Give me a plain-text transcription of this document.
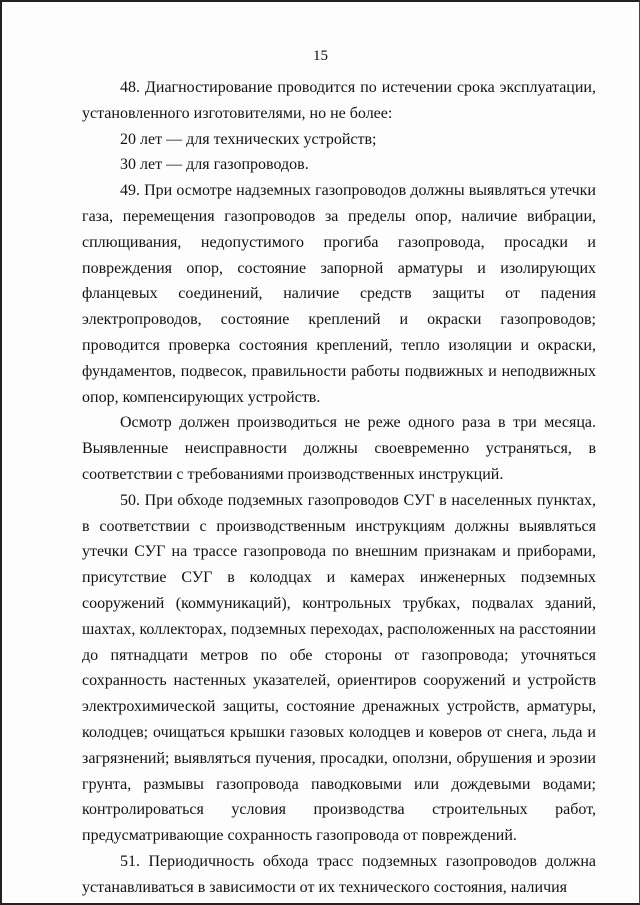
15

48. Диагностирование проводится по истечении срока эксплуатации, установленного изготовителями, но не более:

20 лет — для технических устройств;

30 лет — для газопроводов.

49. При осмотре надземных газопроводов должны выявляться утечки газа, перемещения газопроводов за пределы опор, наличие вибрации, сплющивания, недопустимого прогиба газопровода, просадки и повреждения опор, состояние запорной арматуры и изолирующих фланцевых соединений, наличие средств защиты от падения электропроводов, состояние креплений и окраски газопроводов; проводится проверка состояния креплений, тепло изоляции и окраски, фундаментов, подвесок, правильности работы подвижных и неподвижных опор, компенсирующих устройств.

Осмотр должен производиться не реже одного раза в три месяца. Выявленные неисправности должны своевременно устраняться, в соответствии с требованиями производственных инструкций.

50. При обходе подземных газопроводов СУГ в населенных пунктах, в соответствии с производственным инструкциям должны выявляться утечки СУГ на трассе газопровода по внешним признакам и приборами, присутствие СУГ в колодцах и камерах инженерных подземных сооружений (коммуникаций), контрольных трубках, подвалах зданий, шахтах, коллекторах, подземных переходах, расположенных на расстоянии до пятнадцати метров по обе стороны от газопровода; уточняться сохранность настенных указателей, ориентиров сооружений и устройств электрохимической защиты, состояние дренажных устройств, арматуры, колодцев; очищаться крышки газовых колодцев и коверов от снега, льда и загрязнений; выявляться пучения, просадки, оползни, обрушения и эрозии грунта, размывы газопровода паводковыми или дождевыми водами; контролироваться условия производства строительных работ, предусматривающие сохранность газопровода от повреждений.

51. Периодичность обхода трасс подземных газопроводов должна устанавливаться в зависимости от их технического состояния, наличия
